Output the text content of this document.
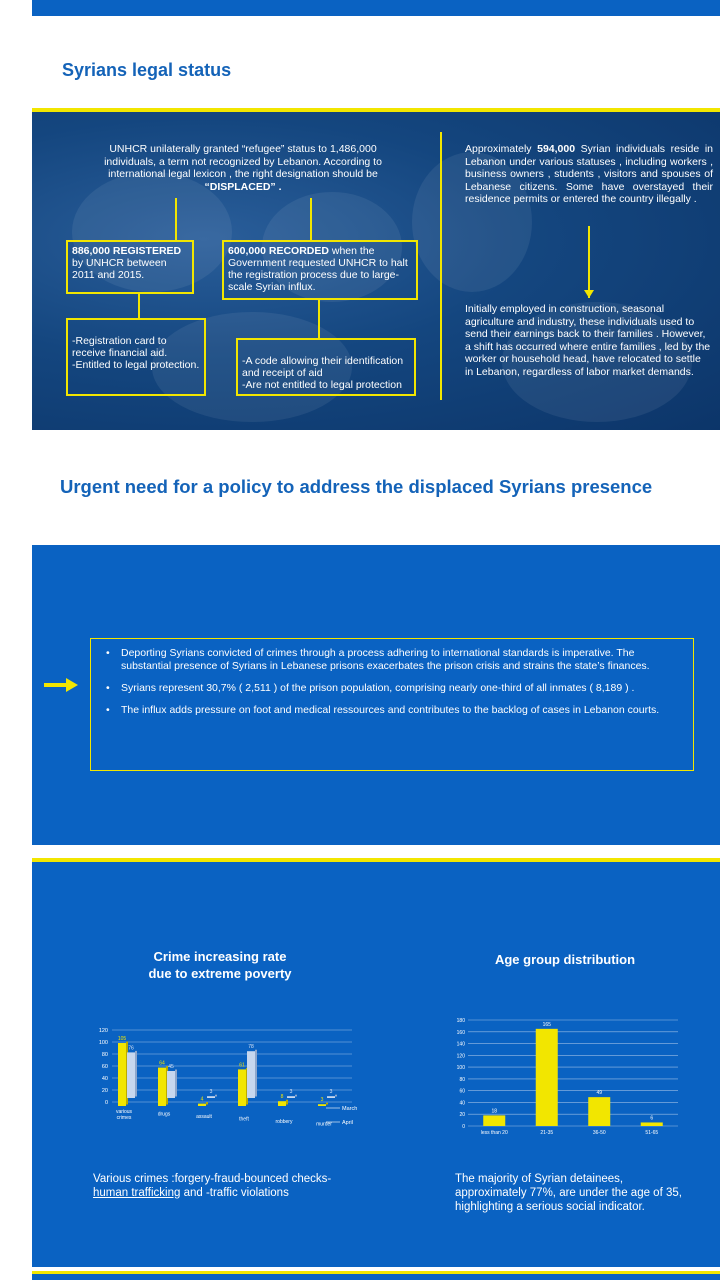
Syrians legal status
UNHCR unilaterally granted “refugee” status to 1,486,000 individuals, a term not recognized by Lebanon. According to international legal lexicon , the right designation should be
“DISPLACED” .
Approximately 594,000 Syrian individuals reside in Lebanon under various statuses , including workers , business owners , students , visitors and spouses of Lebanese citizens. Some have overstayed their residence permits or entered the country illegally .
886,000 REGISTERED
by UNHCR between 2011 and 2015.
600,000 RECORDED when the Government requested UNHCR to halt the registration process due to large-scale Syrian influx.

-Registration card to receive financial aid.
-Entitled to legal protection.	-A code allowing their identification and receipt of aid
-Are not entitled to legal protection

Initially employed in construction, seasonal agriculture and industry, these individuals used to send their earnings back to their families . However, a shift has occurred where entire families , led by the worker or household head, have relocated to settle in Lebanon, regardless of labor market demands.
Urgent need for a policy to address the displaced Syrians presence
• Deporting Syrians convicted of crimes through a process adhering to international standards is imperative. The substantial presence of Syrians in Lebanese prisons exacerbates the prison crisis and strains the state’s finances.
• Syrians represent 30,7% ( 2,511 ) of the prison population, comprising nearly one-third of all inmates ( 8,189 ) .
• The influx adds pressure on foot and medical ressources and contributes to the backlog of cases in Lebanon courts.
Crime increasing rate
due to extreme poverty
Age group distribution
0
20
40
60
80
100
120
105
76
various crimes
64
45
drugs
4
3
assault
61
78
theft
8
3
robbery
3
3
murder
March
April
0
20
40
60
80
100
120
140
160
180
18
less than 20
165
21-35
49
36-50
6
51-65
Various crimes :forgery-fraud-bounced checks-
human trafficking and -traffic violations
The majority of Syrian detainees, approximately 77%, are under the age of 35, highlighting a serious social indicator.
